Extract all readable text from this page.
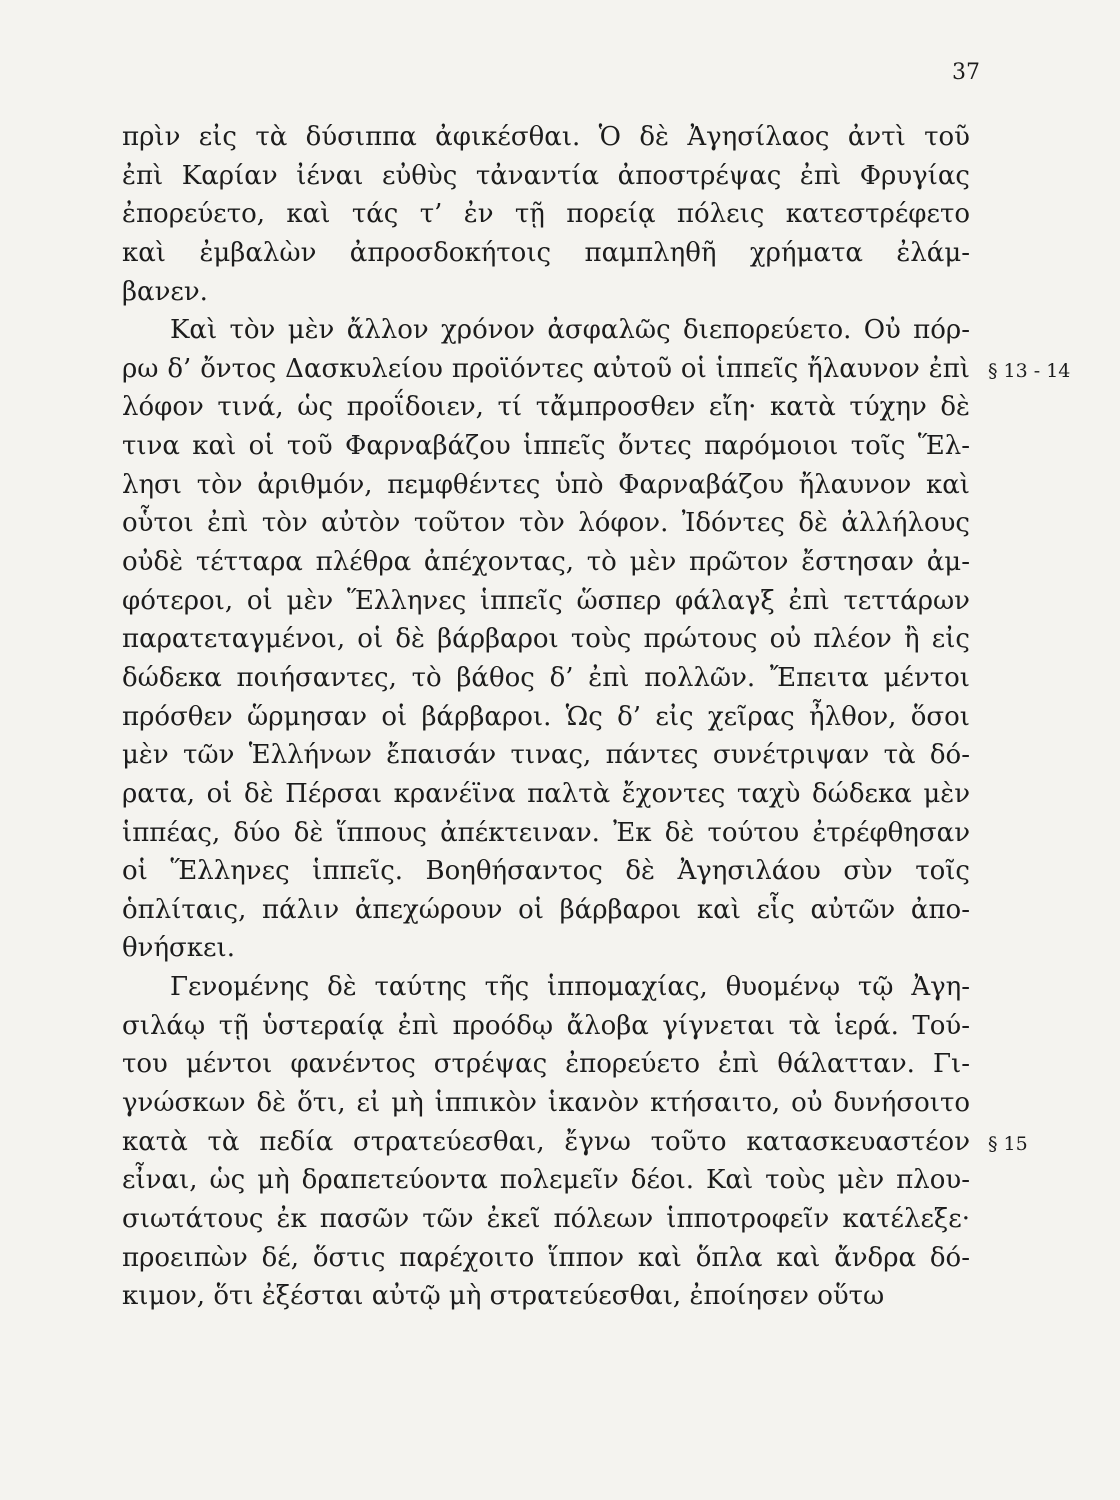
37
πρὶν εἰς τὰ δύσιππα ἀφικέσθαι. Ὁ δὲ Ἀγησίλαος ἀντὶ τοῦ
ἐπὶ Καρίαν ἰέναι εὐθὺς τἀναντία ἀποστρέψας ἐπὶ Φρυγίας
ἐπορεύετο, καὶ τάς τ’ ἐν τῇ πορείᾳ πόλεις κατεστρέφετο
καὶ ἐμβαλὼν ἀπροσδοκήτοις παμπληθῆ χρήματα ἐλάμ-
βανεν.
Καὶ τὸν μὲν ἄλλον χρόνον ἀσφαλῶς διεπορεύετο. Οὐ πόρ-
ρω δ’ ὄντος Δασκυλείου προϊόντες αὐτοῦ οἱ ἱππεῖς ἤλαυνον ἐπὶ
λόφον τινά, ὡς προΐδοιεν, τί τἄμπροσθεν εἴη· κατὰ τύχην δὲ
τινα καὶ οἱ τοῦ Φαρναβάζου ἱππεῖς ὄντες παρόμοιοι τοῖς Ἕλ-
λησι τὸν ἀριθμόν, πεμφθέντες ὑπὸ Φαρναβάζου ἤλαυνον καὶ
οὗτοι ἐπὶ τὸν αὐτὸν τοῦτον τὸν λόφον. Ἰδόντες δὲ ἀλλήλους
οὐδὲ τέτταρα πλέθρα ἀπέχοντας, τὸ μὲν πρῶτον ἔστησαν ἀμ-
φότεροι, οἱ μὲν Ἕλληνες ἱππεῖς ὥσπερ φάλαγξ ἐπὶ τεττάρων
παρατεταγμένοι, οἱ δὲ βάρβαροι τοὺς πρώτους οὐ πλέον ἢ εἰς
δώδεκα ποιήσαντες, τὸ βάθος δ’ ἐπὶ πολλῶν. Ἔπειτα μέντοι
πρόσθεν ὥρμησαν οἱ βάρβαροι. Ὡς δ’ εἰς χεῖρας ἦλθον, ὅσοι
μὲν τῶν Ἑλλήνων ἔπαισάν τινας, πάντες συνέτριψαν τὰ δό-
ρατα, οἱ δὲ Πέρσαι κρανέϊνα παλτὰ ἔχοντες ταχὺ δώδεκα μὲν
ἱππέας, δύο δὲ ἵππους ἀπέκτειναν. Ἐκ δὲ τούτου ἐτρέφθησαν
οἱ Ἕλληνες ἱππεῖς. Βοηθήσαντος δὲ Ἀγησιλάου σὺν τοῖς
ὁπλίταις, πάλιν ἀπεχώρουν οἱ βάρβαροι καὶ εἷς αὐτῶν ἀπο-
θνήσκει.
Γενομένης δὲ ταύτης τῆς ἱππομαχίας, θυομένῳ τῷ Ἀγη-
σιλάῳ τῇ ὑστεραίᾳ ἐπὶ προόδῳ ἄλοβα γίγνεται τὰ ἱερά. Τού-
του μέντοι φανέντος στρέψας ἐπορεύετο ἐπὶ θάλατταν. Γι-
γνώσκων δὲ ὅτι, εἰ μὴ ἱππικὸν ἱκανὸν κτήσαιτο, οὐ δυνήσοιτο
κατὰ τὰ πεδία στρατεύεσθαι, ἔγνω τοῦτο κατασκευαστέον
εἶναι, ὡς μὴ δραπετεύοντα πολεμεῖν δέοι. Καὶ τοὺς μὲν πλου-
σιωτάτους ἐκ πασῶν τῶν ἐκεῖ πόλεων ἱπποτροφεῖν κατέλεξε·
προειπὼν δέ, ὅστις παρέχοιτο ἵππον καὶ ὅπλα καὶ ἄνδρα δό-
κιμον, ὅτι ἐξέσται αὐτῷ μὴ στρατεύεσθαι, ἐποίησεν οὕτω
§ 13 - 14
§ 15
